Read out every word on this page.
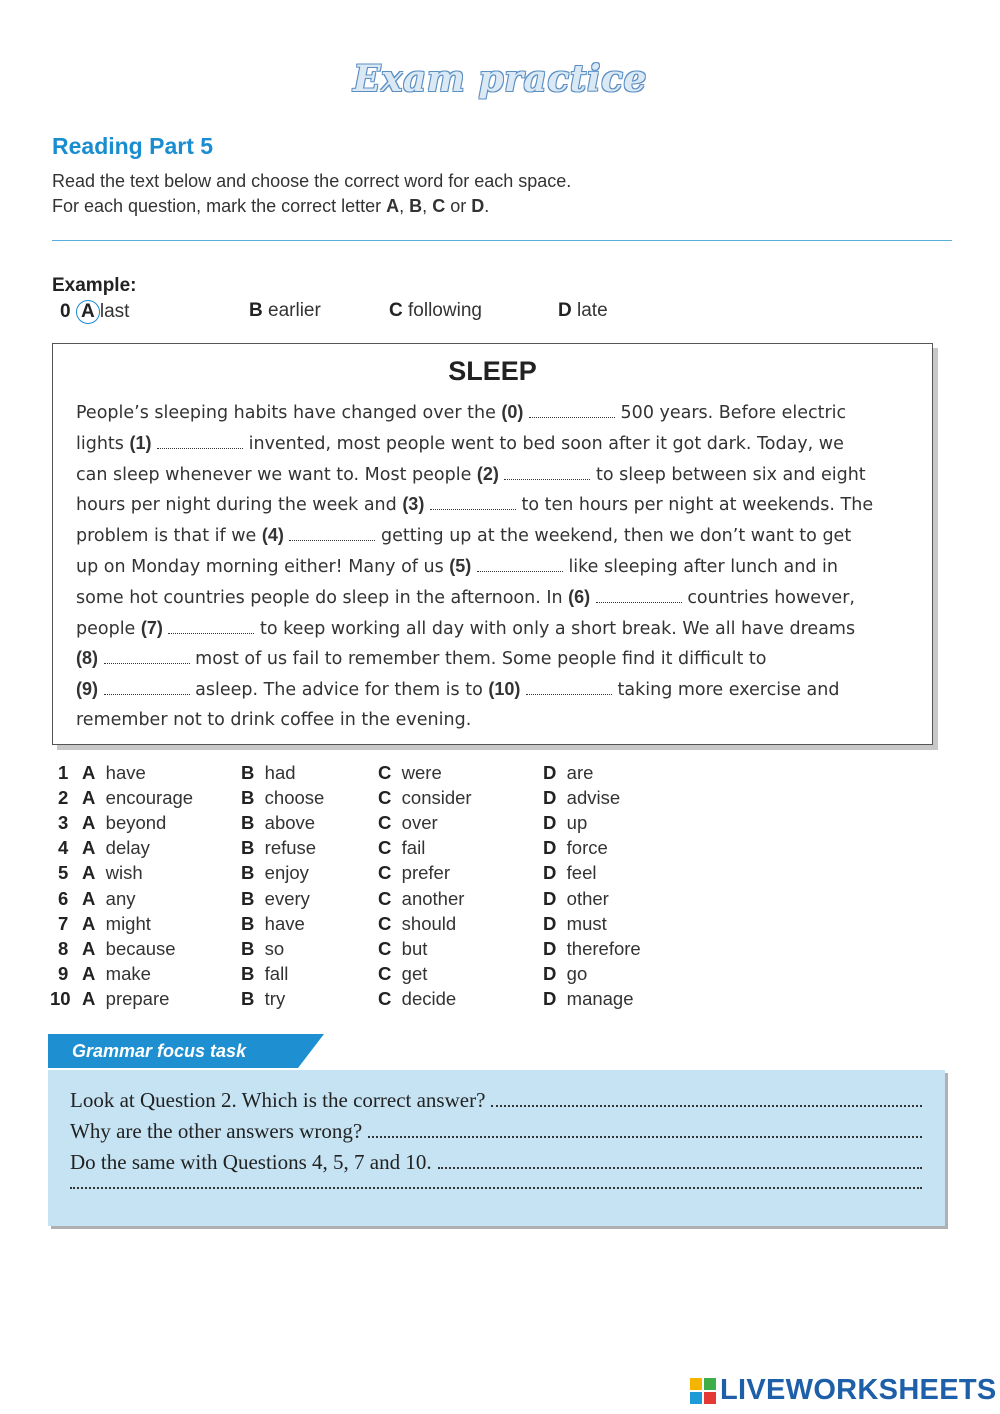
Exam practice
Reading Part 5
Read the text below and choose the correct word for each space.
For each question, mark the correct letter A, B, C or D.
Example:
0 A last	B earlier	C following	D late
SLEEP
People’s sleeping habits have changed over the (0)	500 years. Before electric
lights (1)	invented, most people went to bed soon after it got dark. Today, we
can sleep whenever we want to. Most people (2)	to sleep between six and eight
hours per night during the week and (3)	to ten hours per night at weekends. The
problem is that if we (4)	getting up at the weekend, then we don’t want to get
up on Monday morning either! Many of us (5)	like sleeping after lunch and in
some hot countries people do sleep in the afternoon. In (6)	countries however,
people (7)	to keep working all day with only a short break. We all have dreams
(8)	most of us fail to remember them. Some people find it difficult to
(9)	asleep. The advice for them is to (10)	taking more exercise and
remember not to drink coffee in the evening.
1 A have	B had	C were	D are
2 A encourage	B choose	C consider	D advise
3 A beyond	B above	C over	D up
4 A delay	B refuse	C fail	D force
5 A wish	B enjoy	C prefer	D feel
6 A any	B every	C another	D other
7 A might	B have	C should	D must
8 A because	B so	C but	D therefore
9 A make	B fall	C get	D go
10 A prepare	B try	C decide	D manage
Grammar focus task
Look at Question 2. Which is the correct answer?
Why are the other answers wrong?
Do the same with Questions 4, 5, 7 and 10.
LIVEWORKSHEETS
